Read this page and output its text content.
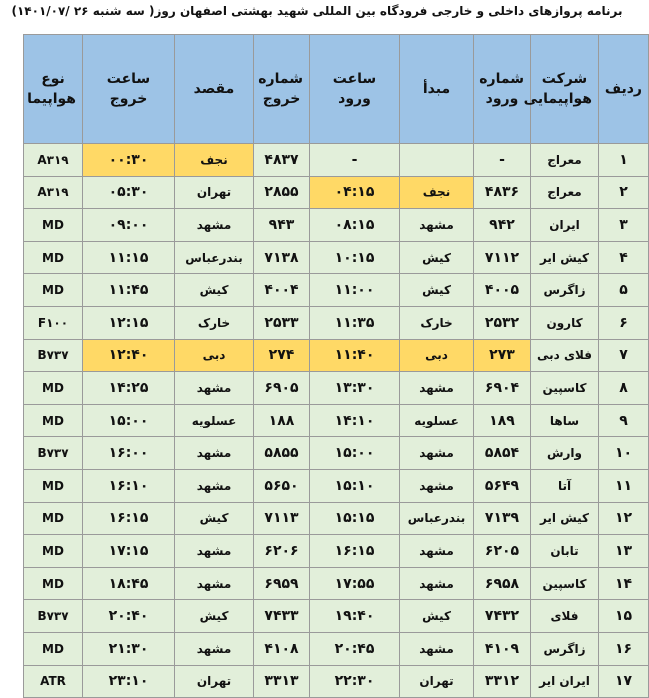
برنامه پروازهای داخلی و خارجی فرودگاه بین المللی شهید بهشتی اصفهان روز( سه شنبه ۲۶ /۱۴۰۱/۰۷)
ردیف	شرکت هواپیمایی	شماره ورود	مبدأ	ساعت ورود	شماره خروج	مقصد	ساعت خروج	نوع هواپیما
۱	معراج	-		-	۴۸۳۷	نجف	۰۰:۳۰	A۳۱۹
۲	معراج	۴۸۳۶	نجف	۰۴:۱۵	۲۸۵۵	تهران	۰۵:۳۰	A۳۱۹
۳	ایران	۹۴۲	مشهد	۰۸:۱۵	۹۴۳	مشهد	۰۹:۰۰	MD
۴	کیش ایر	۷۱۱۲	کیش	۱۰:۱۵	۷۱۳۸	بندرعباس	۱۱:۱۵	MD
۵	زاگرس	۴۰۰۵	کیش	۱۱:۰۰	۴۰۰۴	کیش	۱۱:۴۵	MD
۶	کارون	۲۵۳۲	خارک	۱۱:۳۵	۲۵۳۳	خارک	۱۲:۱۵	F۱۰۰
۷	فلای دبی	۲۷۳	دبی	۱۱:۴۰	۲۷۴	دبی	۱۲:۴۰	B۷۳۷
۸	کاسپین	۶۹۰۴	مشهد	۱۳:۳۰	۶۹۰۵	مشهد	۱۴:۲۵	MD
۹	ساها	۱۸۹	عسلویه	۱۴:۱۰	۱۸۸	عسلویه	۱۵:۰۰	MD
۱۰	وارش	۵۸۵۴	مشهد	۱۵:۰۰	۵۸۵۵	مشهد	۱۶:۰۰	B۷۳۷
۱۱	آتا	۵۶۴۹	مشهد	۱۵:۱۰	۵۶۵۰	مشهد	۱۶:۱۰	MD
۱۲	کیش ایر	۷۱۳۹	بندرعباس	۱۵:۱۵	۷۱۱۳	کیش	۱۶:۱۵	MD
۱۳	تابان	۶۲۰۵	مشهد	۱۶:۱۵	۶۲۰۶	مشهد	۱۷:۱۵	MD
۱۴	کاسپین	۶۹۵۸	مشهد	۱۷:۵۵	۶۹۵۹	مشهد	۱۸:۴۵	MD
۱۵	فلای	۷۴۳۲	کیش	۱۹:۴۰	۷۴۳۳	کیش	۲۰:۴۰	B۷۳۷
۱۶	زاگرس	۴۱۰۹	مشهد	۲۰:۴۵	۴۱۰۸	مشهد	۲۱:۳۰	MD
۱۷	ایران ایر	۳۳۱۲	تهران	۲۲:۳۰	۳۳۱۳	تهران	۲۳:۱۰	ATR
